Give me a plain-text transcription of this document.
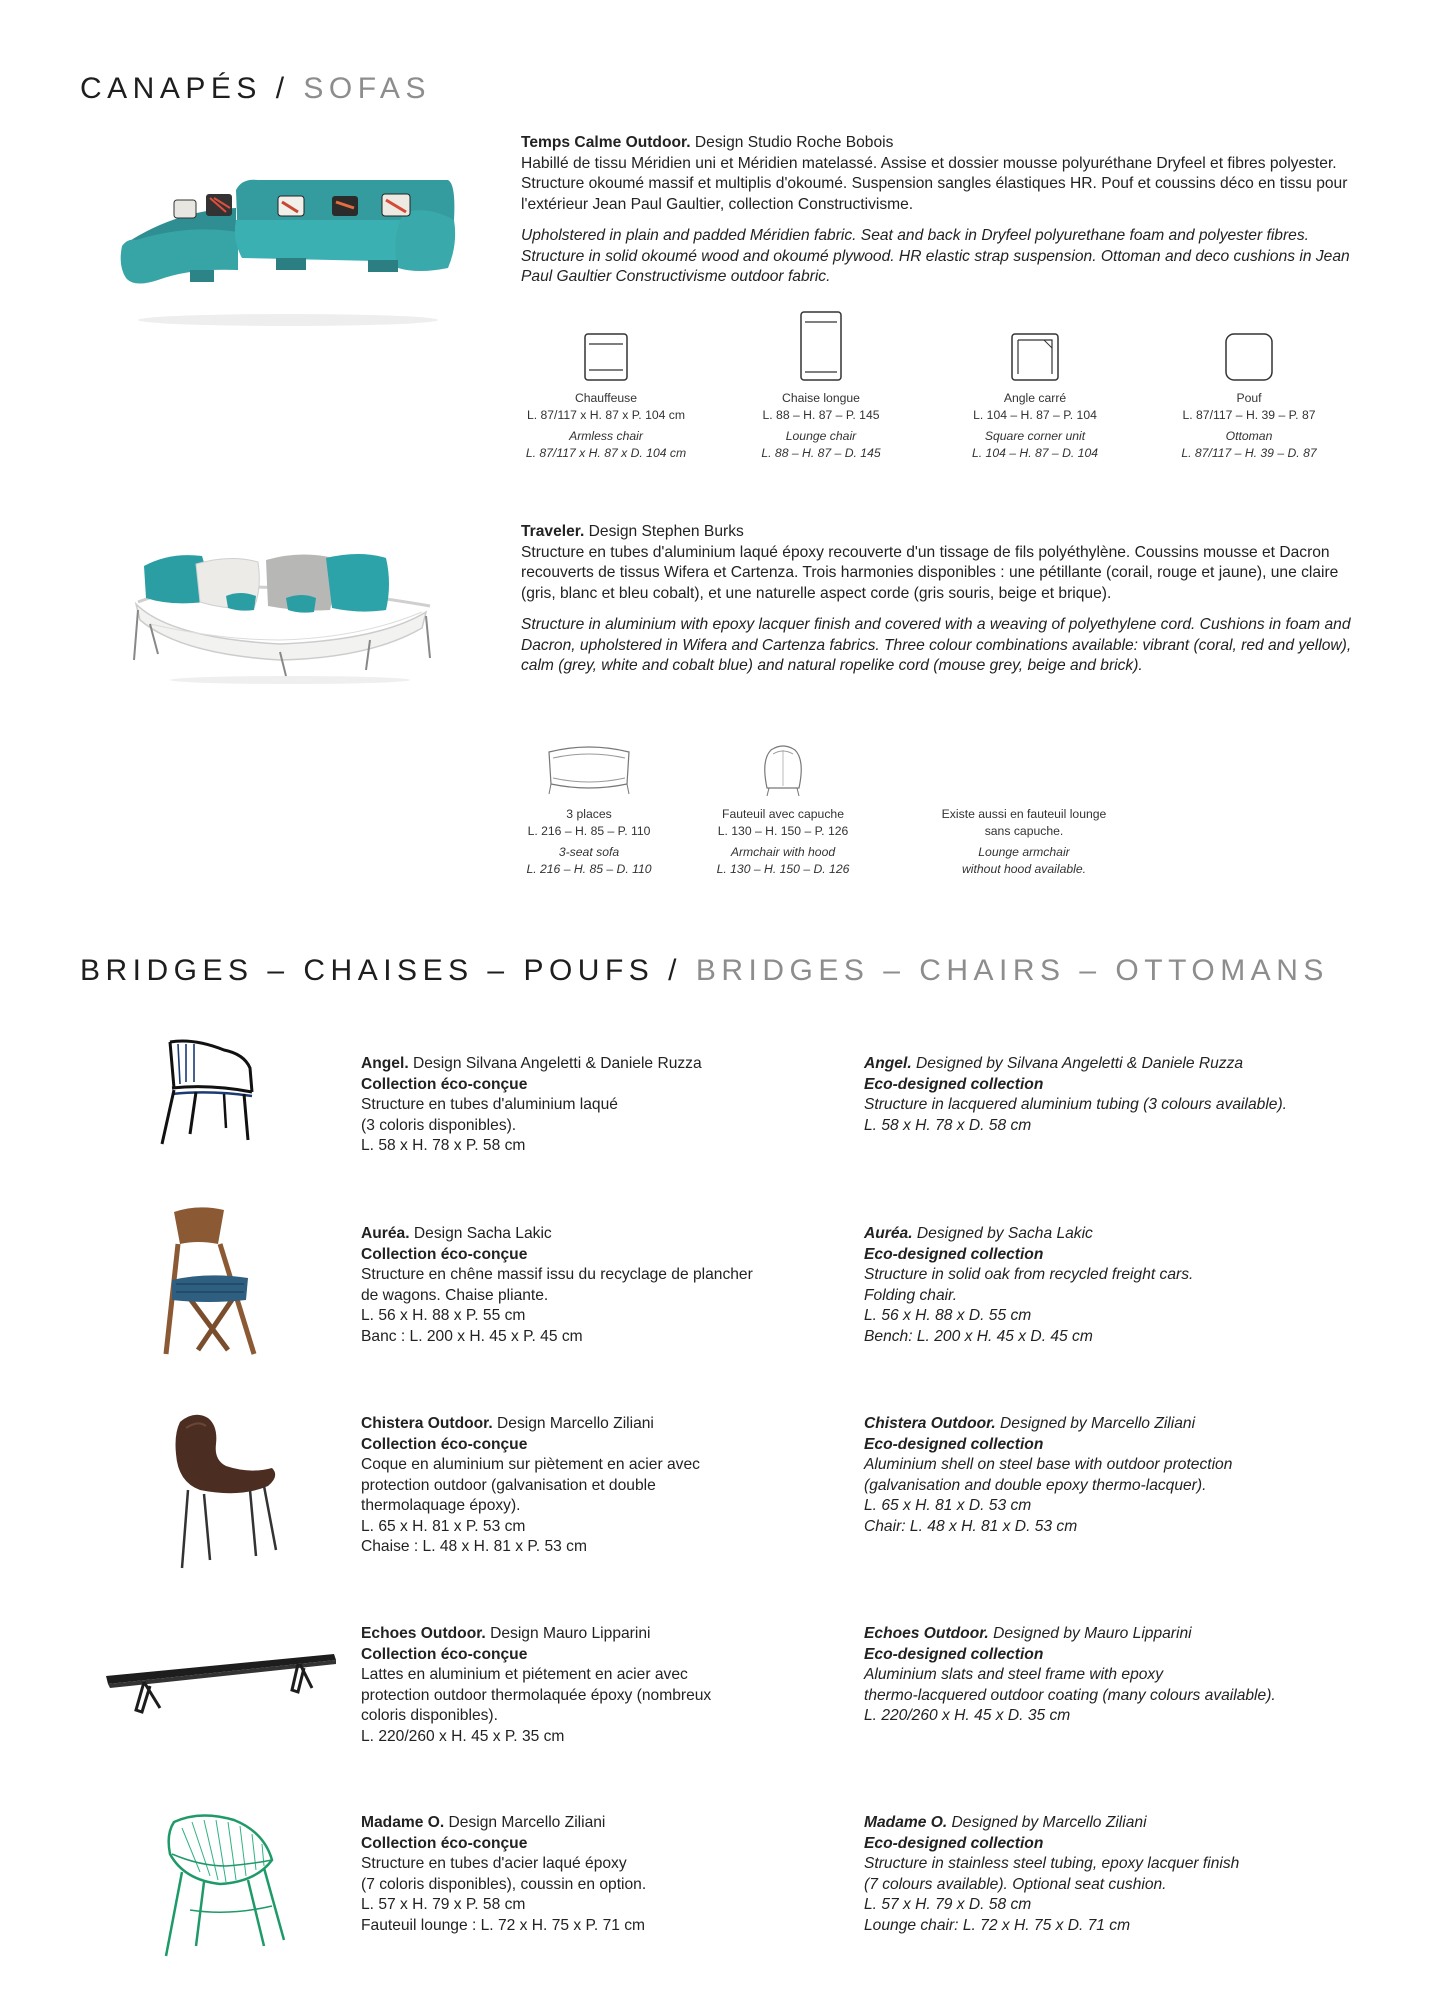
CANAPÉS / SOFAS

Temps Calme Outdoor. Design Studio Roche Bobois

Habillé de tissu Méridien uni et Méridien matelassé. Assise et dossier mousse polyuréthane Dryfeel et fibres polyester. Structure okoumé massif et multiplis d'okoumé. Suspension sangles élastiques HR. Pouf et coussins déco en tissu pour l'extérieur Jean Paul Gaultier, collection Constructivisme.

Upholstered in plain and padded Méridien fabric. Seat and back in Dryfeel polyurethane foam and polyester fibres. Structure in solid okoumé wood and okoumé plywood. HR elastic strap suspension. Ottoman and deco cushions in Jean Paul Gaultier Constructivisme outdoor fabric.

Chauffeuse
L. 87/117 x H. 87 x P. 104 cm
Armless chair
L. 87/117 x H. 87 x D. 104 cm
Chaise longue
L. 88 – H. 87 – P. 145
Lounge chair
L. 88 – H. 87 – D. 145
Angle carré
L. 104 – H. 87 – P. 104
Square corner unit
L. 104 – H. 87 – D. 104
Pouf
L. 87/117 – H. 39 – P. 87
Ottoman
L. 87/117 – H. 39 – D. 87

Traveler. Design Stephen Burks

Structure en tubes d'aluminium laqué époxy recouverte d'un tissage de fils polyéthylène. Coussins mousse et Dacron recouverts de tissus Wifera et Cartenza. Trois harmonies disponibles : une pétillante (corail, rouge et jaune), une claire (gris, blanc et bleu cobalt), et une naturelle aspect corde (gris souris, beige et brique).

Structure in aluminium with epoxy lacquer finish and covered with a weaving of polyethylene cord. Cushions in foam and Dacron, upholstered in Wifera and Cartenza fabrics. Three colour combinations available: vibrant (coral, red and yellow), calm (grey, white and cobalt blue) and natural ropelike cord (mouse grey, beige and brick).

3 places
L. 216 – H. 85 – P. 110
3-seat sofa
L. 216 – H. 85 – D. 110
Fauteuil avec capuche
L. 130 – H. 150 – P. 126
Armchair with hood
L. 130 – H. 150 – D. 126
Existe aussi en fauteuil lounge
sans capuche.
Lounge armchair
without hood available.
BRIDGES – CHAISES – POUFS / BRIDGES – CHAIRS – OTTOMANS

Angel. Design Silvana Angeletti & Daniele Ruzza

Collection éco-conçue

Structure en tubes d'aluminium laqué

(3 coloris disponibles).

L. 58 x H. 78 x P. 58 cm

Angel. Designed by Silvana Angeletti & Daniele Ruzza

Eco-designed collection

Structure in lacquered aluminium tubing (3 colours available).

L. 58 x H. 78 x D. 58 cm

Auréa. Design Sacha Lakic

Collection éco-conçue

Structure en chêne massif issu du recyclage de plancher

de wagons. Chaise pliante.

L. 56 x H. 88 x P. 55 cm

Banc : L. 200 x H. 45 x P. 45 cm

Auréa. Designed by Sacha Lakic

Eco-designed collection

Structure in solid oak from recycled freight cars.

Folding chair.

L. 56 x H. 88 x D. 55 cm

Bench: L. 200 x H. 45 x D. 45 cm

Chistera Outdoor. Design Marcello Ziliani

Collection éco-conçue

Coque en aluminium sur piètement en acier avec

protection outdoor (galvanisation et double

thermolaquage époxy).

L. 65 x H. 81 x P. 53 cm

Chaise : L. 48 x H. 81 x P. 53 cm

Chistera Outdoor. Designed by Marcello Ziliani

Eco-designed collection

Aluminium shell on steel base with outdoor protection

(galvanisation and double epoxy thermo-lacquer).

L. 65 x H. 81 x D. 53 cm

Chair: L. 48 x H. 81 x D. 53 cm

Echoes Outdoor. Design Mauro Lipparini

Collection éco-conçue

Lattes en aluminium et piétement en acier avec

protection outdoor thermolaquée époxy (nombreux

coloris disponibles).

L. 220/260 x H. 45 x P. 35 cm

Echoes Outdoor. Designed by Mauro Lipparini

Eco-designed collection

Aluminium slats and steel frame with epoxy

thermo-lacquered outdoor coating (many colours available).

L. 220/260 x H. 45 x D. 35 cm

Madame O. Design Marcello Ziliani

Collection éco-conçue

Structure en tubes d'acier laqué époxy

(7 coloris disponibles), coussin en option.

L. 57 x H. 79 x P. 58 cm

Fauteuil lounge : L. 72 x H. 75 x P. 71 cm

Madame O. Designed by Marcello Ziliani

Eco-designed collection

Structure in stainless steel tubing, epoxy lacquer finish

(7 colours available). Optional seat cushion.

L. 57 x H. 79 x D. 58 cm

Lounge chair: L. 72 x H. 75 x D. 71 cm
